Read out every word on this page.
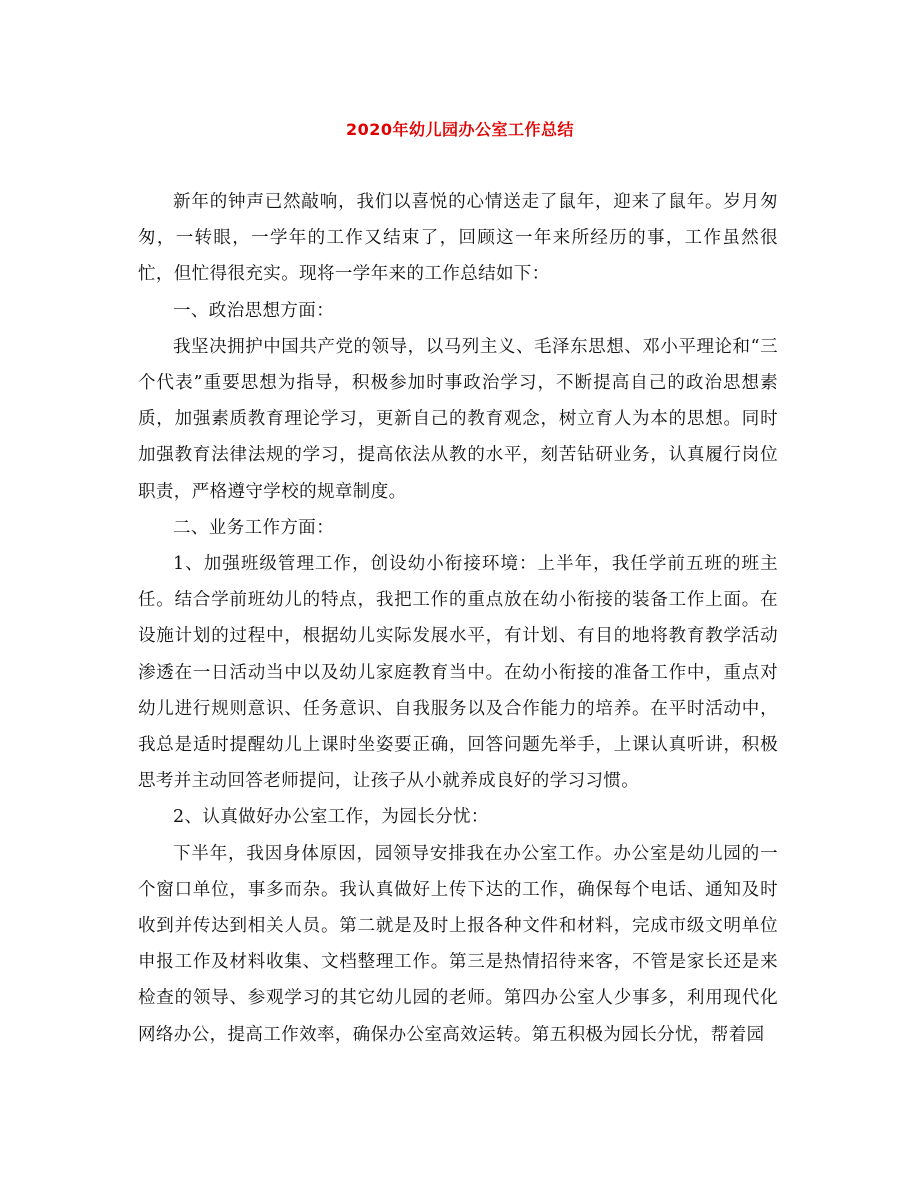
2020年幼儿园办公室工作总结

新年的钟声已然敲响，我们以喜悦的心情送走了鼠年，迎来了鼠年。岁月匆匆，一转眼，一学年的工作又结束了，回顾这一年来所经历的事，工作虽然很忙，但忙得很充实。现将一学年来的工作总结如下：

一、政治思想方面：

我坚决拥护中国共产党的领导，以马列主义、毛泽东思想、邓小平理论和“三个代表”重要思想为指导，积极参加时事政治学习，不断提高自己的政治思想素质，加强素质教育理论学习，更新自己的教育观念，树立育人为本的思想。同时加强教育法律法规的学习，提高依法从教的水平，刻苦钻研业务，认真履行岗位职责，严格遵守学校的规章制度。

二、业务工作方面：

1、加强班级管理工作，创设幼小衔接环境：上半年，我任学前五班的班主任。结合学前班幼儿的特点，我把工作的重点放在幼小衔接的装备工作上面。在设施计划的过程中，根据幼儿实际发展水平，有计划、有目的地将教育教学活动渗透在一日活动当中以及幼儿家庭教育当中。在幼小衔接的准备工作中，重点对幼儿进行规则意识、任务意识、自我服务以及合作能力的培养。在平时活动中，我总是适时提醒幼儿上课时坐姿要正确，回答问题先举手，上课认真听讲，积极思考并主动回答老师提问，让孩子从小就养成良好的学习习惯。

2、认真做好办公室工作，为园长分忧：

下半年，我因身体原因，园领导安排我在办公室工作。办公室是幼儿园的一个窗口单位，事多而杂。我认真做好上传下达的工作，确保每个电话、通知及时收到并传达到相关人员。第二就是及时上报各种文件和材料，完成市级文明单位申报工作及材料收集、文档整理工作。第三是热情招待来客，不管是家长还是来检查的领导、参观学习的其它幼儿园的老师。第四办公室人少事多，利用现代化网络办公，提高工作效率，确保办公室高效运转。第五积极为园长分忧，帮着园
